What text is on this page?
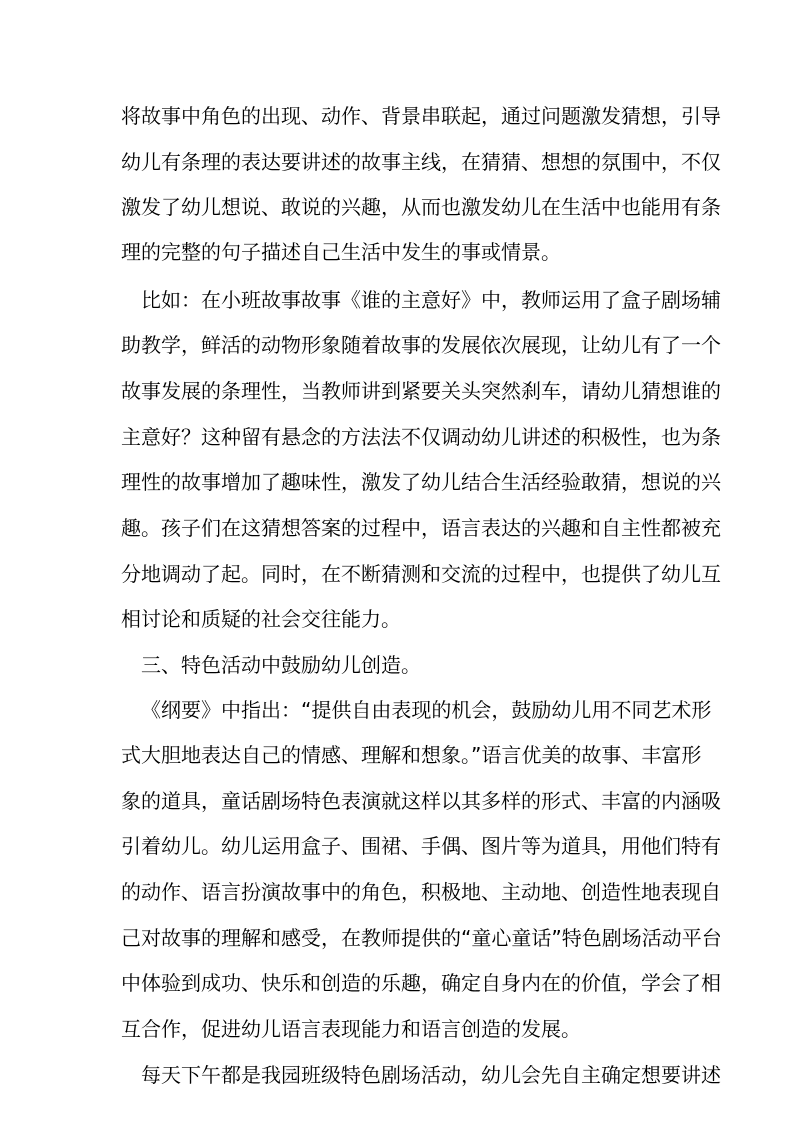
将故事中角色的出现、动作、背景串联起，通过问题激发猜想，引导
幼儿有条理的表达要讲述的故事主线，在猜猜、想想的氛围中，不仅
激发了幼儿想说、敢说的兴趣，从而也激发幼儿在生活中也能用有条
理的完整的句子描述自己生活中发生的事或情景。
比如：在小班故事故事《谁的主意好》中，教师运用了盒子剧场辅
助教学，鲜活的动物形象随着故事的发展依次展现，让幼儿有了一个
故事发展的条理性，当教师讲到紧要关头突然刹车，请幼儿猜想谁的
主意好？这种留有悬念的方法法不仅调动幼儿讲述的积极性，也为条
理性的故事增加了趣味性，激发了幼儿结合生活经验敢猜，想说的兴
趣。孩子们在这猜想答案的过程中，语言表达的兴趣和自主性都被充
分地调动了起。同时，在不断猜测和交流的过程中，也提供了幼儿互
相讨论和质疑的社会交往能力。
三、特色活动中鼓励幼儿创造。
《纲要》中指出：“提供自由表现的机会，鼓励幼儿用不同艺术形
式大胆地表达自己的情感、理解和想象。”语言优美的故事、丰富形
象的道具，童话剧场特色表演就这样以其多样的形式、丰富的内涵吸
引着幼儿。幼儿运用盒子、围裙、手偶、图片等为道具，用他们特有
的动作、语言扮演故事中的角色，积极地、主动地、创造性地表现自
己对故事的理解和感受，在教师提供的“童心童话”特色剧场活动平台
中体验到成功、快乐和创造的乐趣，确定自身内在的价值，学会了相
互合作，促进幼儿语言表现能力和语言创造的发展。
每天下午都是我园班级特色剧场活动，幼儿会先自主确定想要讲述
